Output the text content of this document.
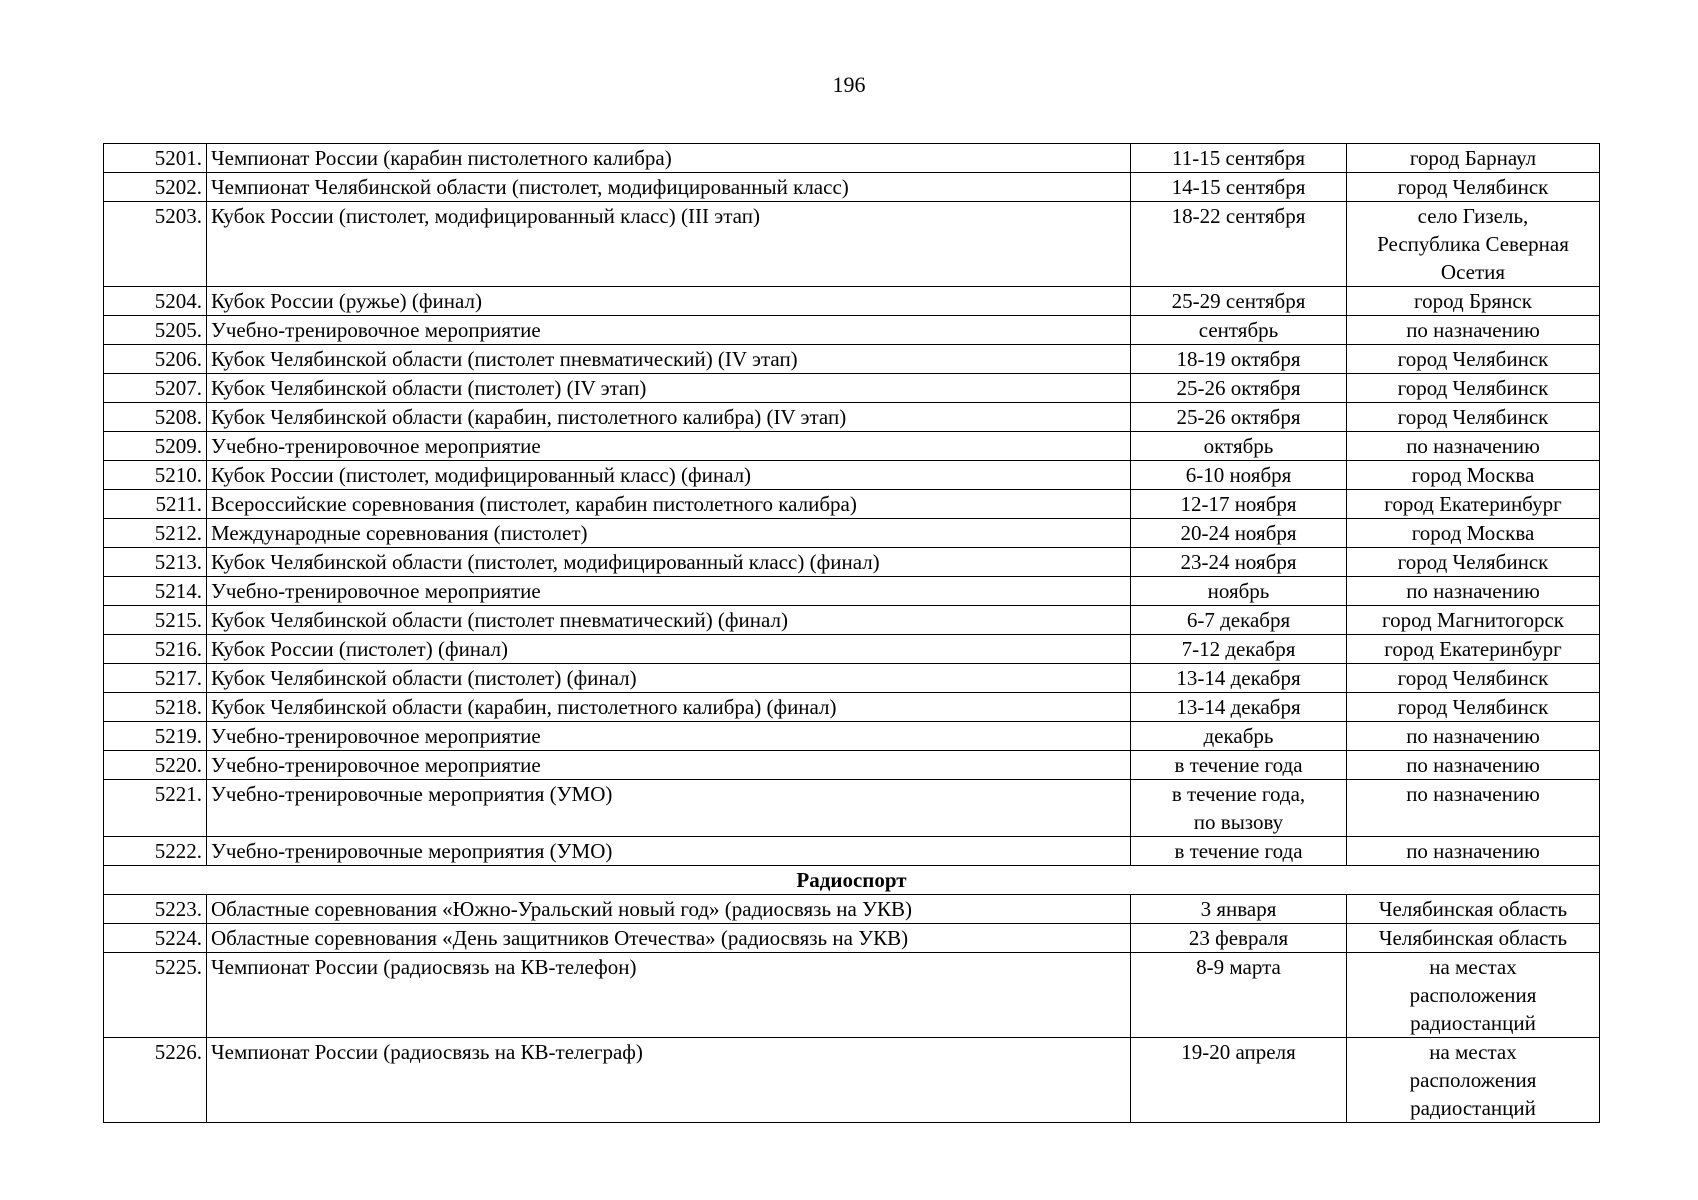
196
5201.	Чемпионат России (карабин пистолетного калибра)	11-15 сентября	город Барнаул

5202.	Чемпионат Челябинской области (пистолет, модифицированный класс)	14-15 сентября	город Челябинск

5203.	Кубок России (пистолет, модифицированный класс) (III этап)	18-22 сентября	село Гизель,
Республика Северная
Осетия

5204.	Кубок России (ружье) (финал)	25-29 сентября	город Брянск

5205.	Учебно-тренировочное мероприятие	сентябрь	по назначению

5206.	Кубок Челябинской области (пистолет пневматический) (IV этап)	18-19 октября	город Челябинск

5207.	Кубок Челябинской области (пистолет) (IV этап)	25-26 октября	город Челябинск

5208.	Кубок Челябинской области (карабин, пистолетного калибра) (IV этап)	25-26 октября	город Челябинск

5209.	Учебно-тренировочное мероприятие	октябрь	по назначению

5210.	Кубок России (пистолет, модифицированный класс) (финал)	6-10 ноября	город Москва

5211.	Всероссийские соревнования (пистолет, карабин пистолетного калибра)	12-17 ноября	город Екатеринбург

5212.	Международные соревнования (пистолет)	20-24 ноября	город Москва

5213.	Кубок Челябинской области (пистолет, модифицированный класс) (финал)	23-24 ноября	город Челябинск

5214.	Учебно-тренировочное мероприятие	ноябрь	по назначению

5215.	Кубок Челябинской области (пистолет пневматический) (финал)	6-7 декабря	город Магнитогорск

5216.	Кубок России (пистолет) (финал)	7-12 декабря	город Екатеринбург

5217.	Кубок Челябинской области (пистолет) (финал)	13-14 декабря	город Челябинск

5218.	Кубок Челябинской области (карабин, пистолетного калибра) (финал)	13-14 декабря	город Челябинск

5219.	Учебно-тренировочное мероприятие	декабрь	по назначению

5220.	Учебно-тренировочное мероприятие	в течение года	по назначению

5221.	Учебно-тренировочные мероприятия (УМО)	в течение года,
по вызову	по назначению

5222.	Учебно-тренировочные мероприятия (УМО)	в течение года	по назначению

Радиоспорт			
5223.	Областные соревнования «Южно-Уральский новый год» (радиосвязь на УКВ)	3 января	Челябинская область

5224.	Областные соревнования «День защитников Отечества» (радиосвязь на УКВ)	23 февраля	Челябинская область

5225.	Чемпионат России (радиосвязь на КВ-телефон)	8-9 марта	на местах
расположения
радиостанций

5226.	Чемпионат России (радиосвязь на КВ-телеграф)	19-20 апреля	на местах
расположения
радиостанций
